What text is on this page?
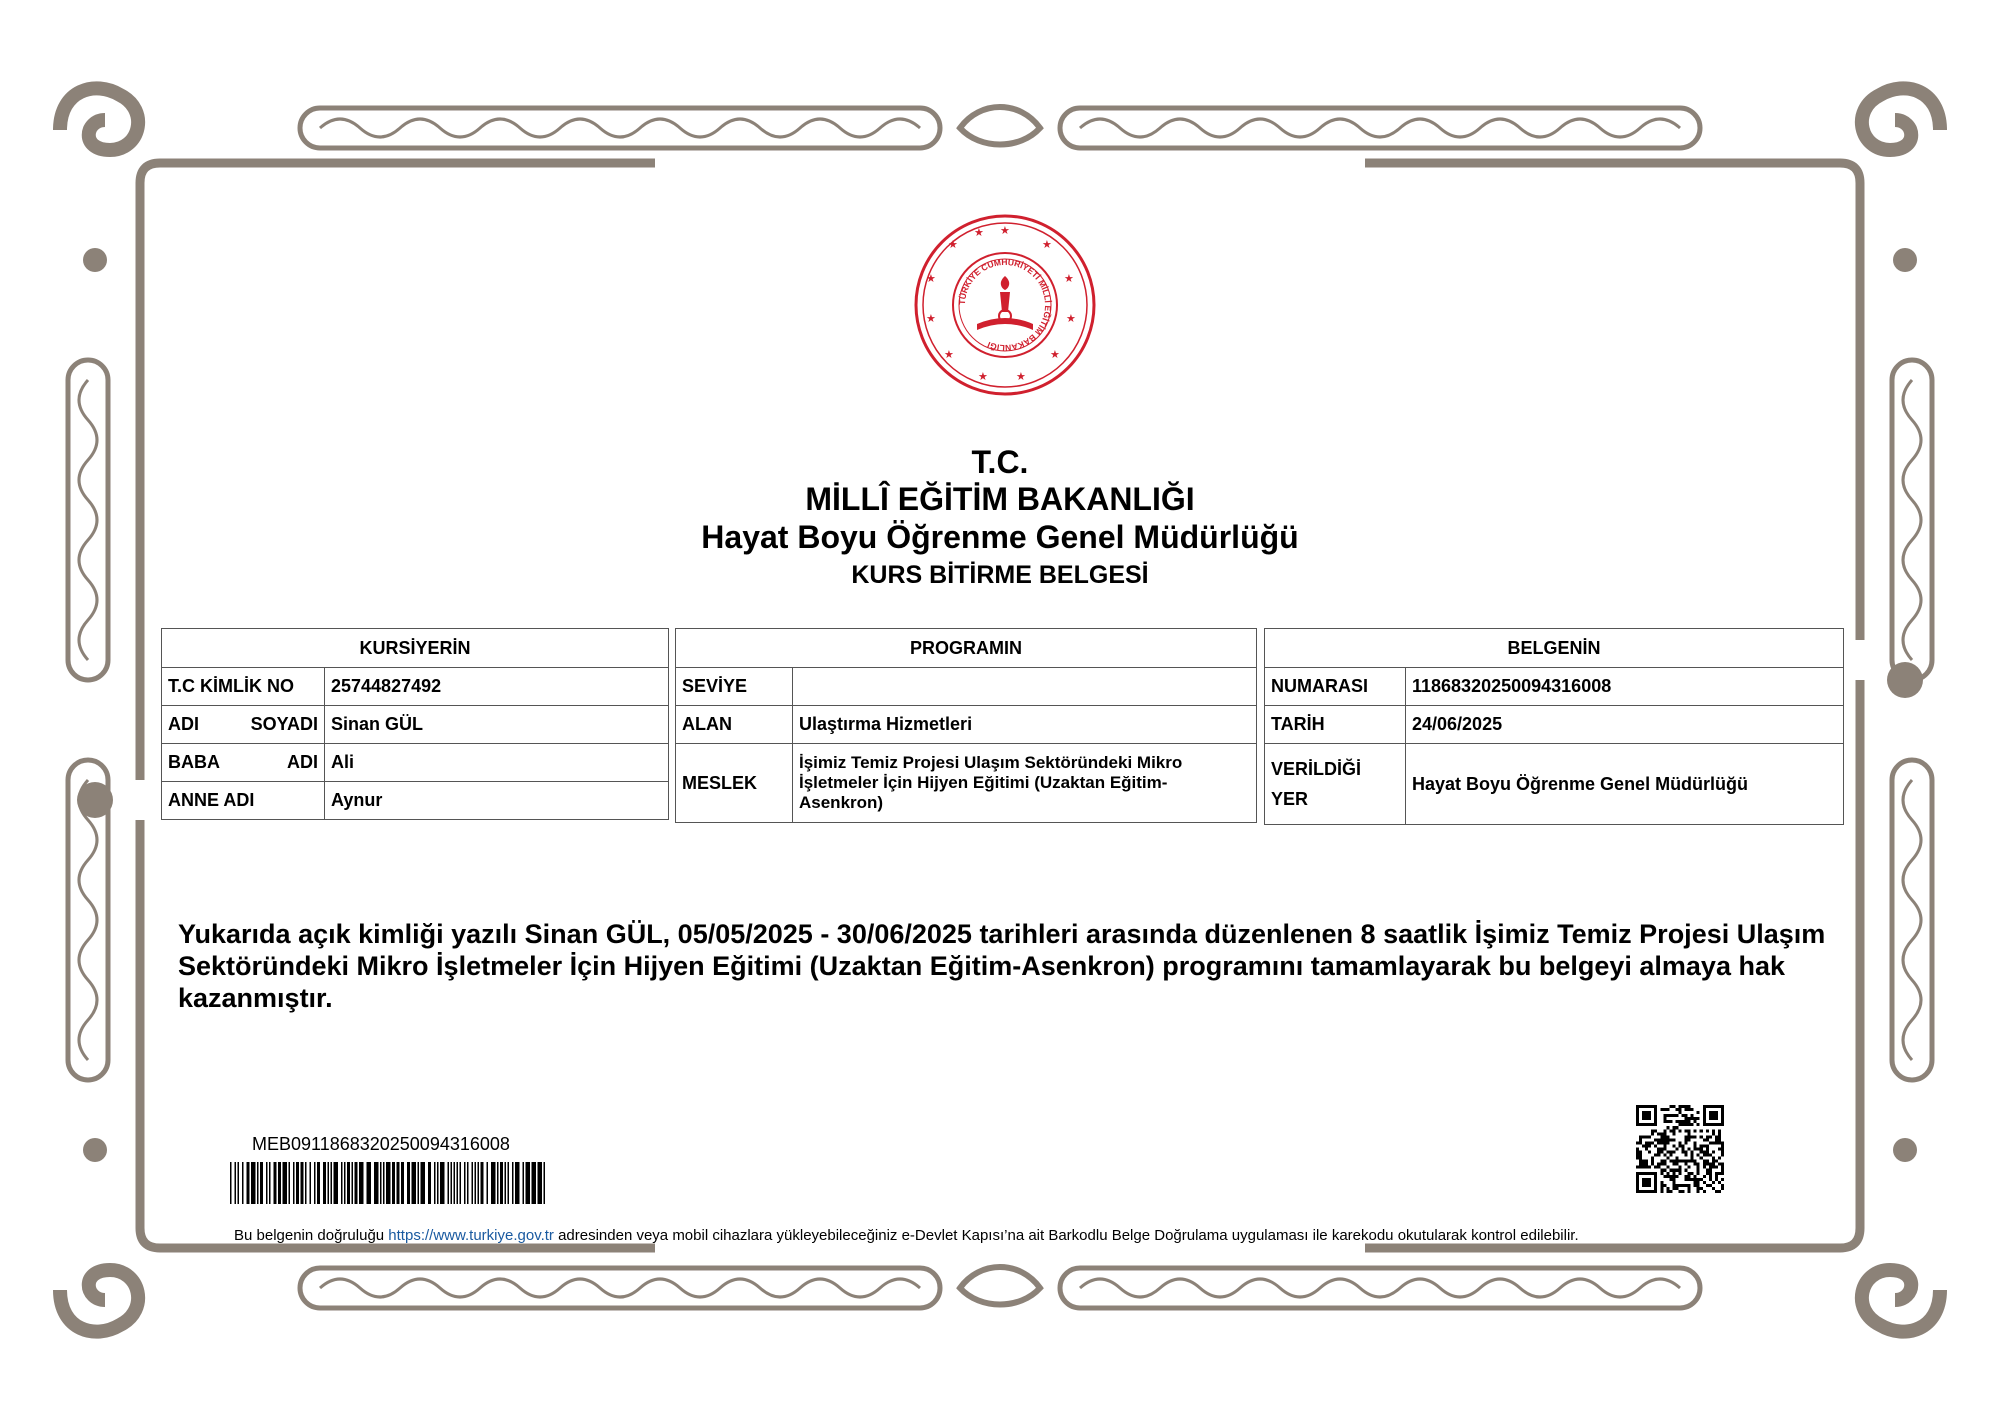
TÜRKİYE CUMHURİYETİ MİLLİ EĞİTİM BAKANLIĞI
★
★
★
★
★
★
★
★
★
★
★
★
T.C.
MİLLÎ EĞİTİM BAKANLIĞI
Hayat Boyu Öğrenme Genel Müdürlüğü
KURS BİTİRME BELGESİ
KURSİYERİN	
T.C KİMLİK NO	25744827492

ADI SOYADI	Sinan GÜL

BABA ADI	Ali
ANNE ADI	Aynur
PROGRAMIN	
SEVİYE	
ALAN	Ulaştırma Hizmetleri
MESLEK	İşimiz Temiz Projesi Ulaşım Sektöründeki Mikro İşletmeler İçin Hijyen Eğitimi (Uzaktan Eğitim-Asenkron)
BELGENİN	
NUMARASI	11868320250094316008
TARİH	24/06/2025

VERİLDİĞİ
YER	Hayat Boyu Öğrenme Genel Müdürlüğü
Yukarıda açık kimliği yazılı Sinan GÜL, 05/05/2025 - 30/06/2025 tarihleri arasında düzenlenen 8 saatlik İşimiz Temiz Projesi Ulaşım Sektöründeki Mikro İşletmeler İçin Hijyen Eğitimi (Uzaktan Eğitim-Asenkron) programını tamamlayarak bu belgeyi almaya hak kazanmıştır.
MEB09118683202500943160​08
Bu belgenin doğruluğu https://www.turkiye.gov.tr adresinden veya mobil cihazlara yükleyebileceğiniz e-Devlet Kapısı’na ait Barkodlu Belge Doğrulama uygulaması ile karekodu okutularak kontrol edilebilir.
